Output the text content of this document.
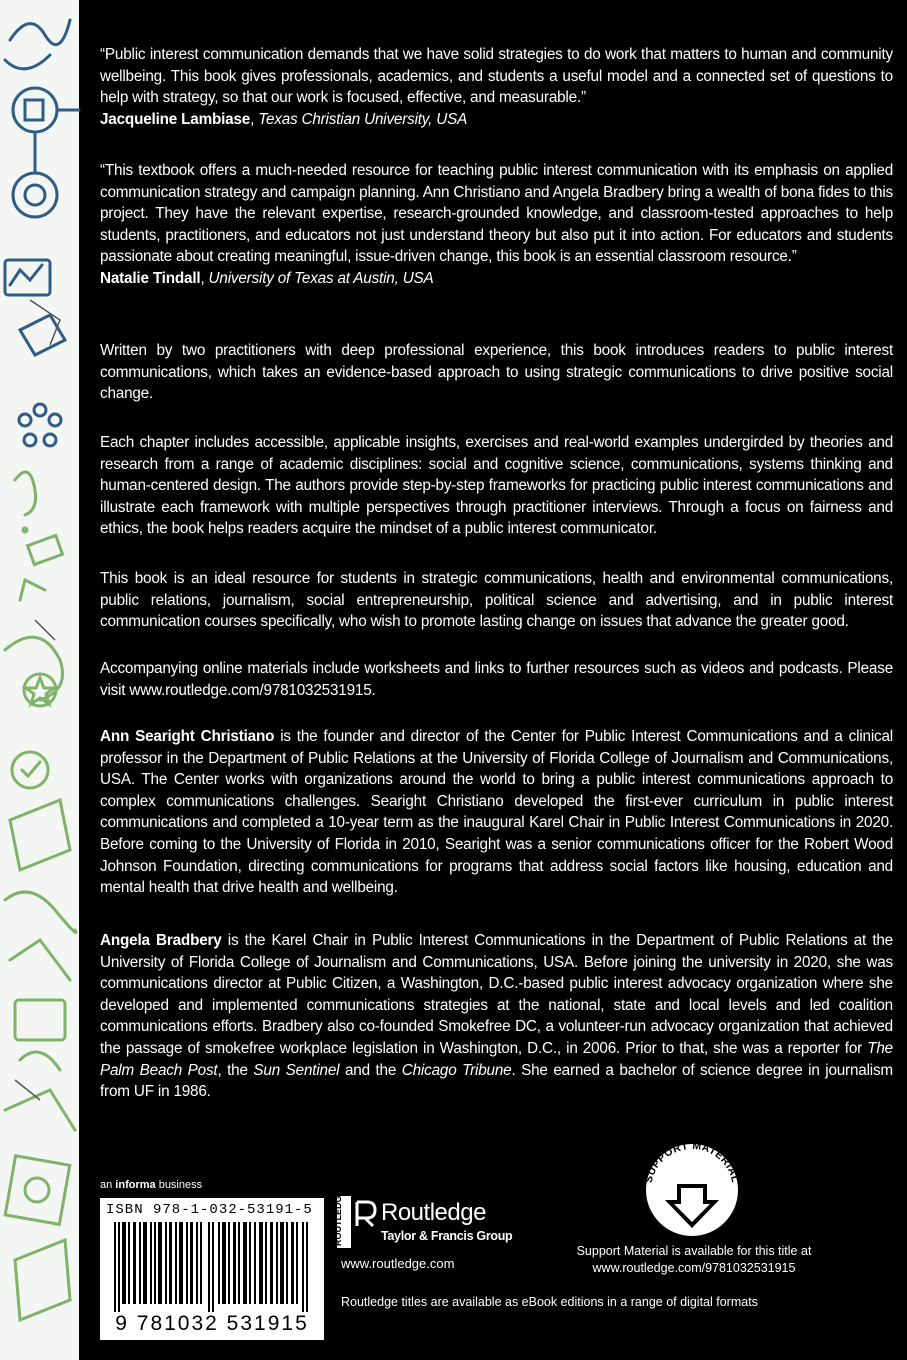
“Public interest communication demands that we have solid strategies to do work that matters to human and community wellbeing. This book gives professionals, academics, and students a useful model and a connected set of questions to help with strategy, so that our work is focused, effective, and measurable.”
Jacqueline Lambiase, Texas Christian University, USA
“This textbook offers a much-needed resource for teaching public interest communication with its emphasis on applied communication strategy and campaign planning. Ann Christiano and Angela Bradbery bring a wealth of bona fides to this project. They have the relevant expertise, research-grounded knowledge, and classroom-tested approaches to help students, practitioners, and educators not just understand theory but also put it into action. For educators and students passionate about creating meaningful, issue-driven change, this book is an essential classroom resource.”
Natalie Tindall, University of Texas at Austin, USA
Written by two practitioners with deep professional experience, this book introduces readers to public interest communications, which takes an evidence-based approach to using strategic communications to drive positive social change.
Each chapter includes accessible, applicable insights, exercises and real-world examples undergirded by theories and research from a range of academic disciplines: social and cognitive science, communications, systems thinking and human-centered design. The authors provide step-by-step frameworks for practicing public interest communications and illustrate each framework with multiple perspectives through practitioner interviews. Through a focus on fairness and ethics, the book helps readers acquire the mindset of a public interest communicator.
This book is an ideal resource for students in strategic communications, health and environmental communications, public relations, journalism, social entrepreneurship, political science and advertising, and in public interest communication courses specifically, who wish to promote lasting change on issues that advance the greater good.
Accompanying online materials include worksheets and links to further resources such as videos and podcasts. Please visit www.routledge.com/9781032531915.
Ann Searight Christiano is the founder and director of the Center for Public Interest Communications and a clinical professor in the Department of Public Relations at the University of Florida College of Journalism and Communications, USA. The Center works with organizations around the world to bring a public interest communications approach to complex communications challenges. Searight Christiano developed the first-ever curriculum in public interest communications and completed a 10-year term as the inaugural Karel Chair in Public Interest Communications in 2020. Before coming to the University of Florida in 2010, Searight was a senior communications officer for the Robert Wood Johnson Foundation, directing communications for programs that address social factors like housing, education and mental health that drive health and wellbeing.
Angela Bradbery is the Karel Chair in Public Interest Communications in the Department of Public Relations at the University of Florida College of Journalism and Communications, USA. Before joining the university in 2020, she was communications director at Public Citizen, a Washington, D.C.-based public interest advocacy organization where she developed and implemented communications strategies at the national, state and local levels and led coalition communications efforts. Bradbery also co-founded Smokefree DC, a volunteer-run advocacy organization that achieved the passage of smokefree workplace legislation in Washington, D.C., in 2006. Prior to that, she was a reporter for The Palm Beach Post, the Sun Sentinel and the Chicago Tribune. She earned a bachelor of science degree in journalism from UF in 1986.
an informa business
ISBN 978-1-032-53191-5
9 781032 531915
ROUTLEDGE Routledge
Taylor & Francis Group
www.routledge.com
SUPPORT MATERIAL
Support Material is available for this title at
www.routledge.com/9781032531915
Routledge titles are available as eBook editions in a range of digital formats
